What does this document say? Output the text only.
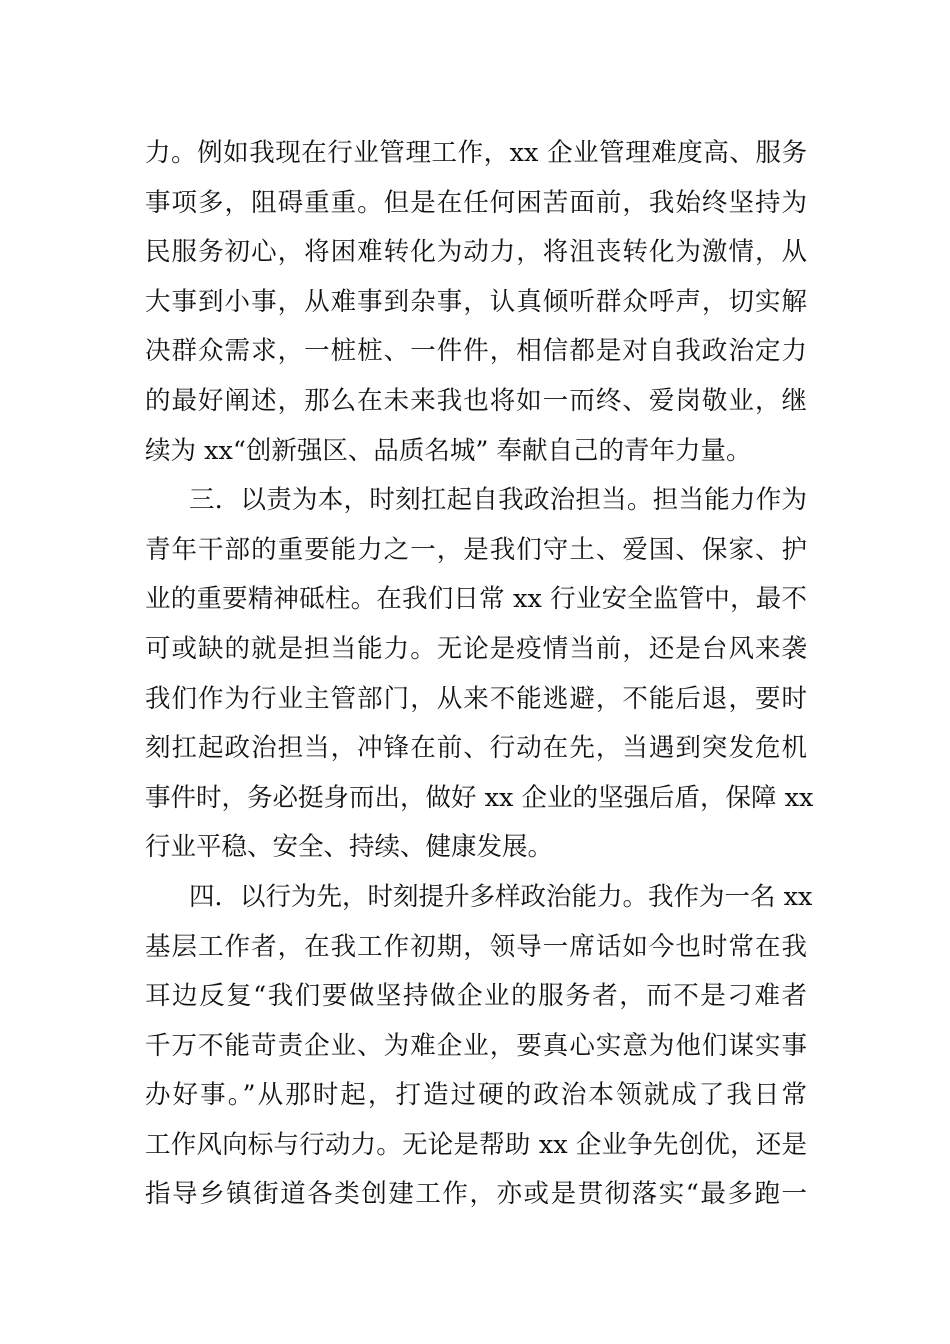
力。例如我现在行业管理工作，xx 企业管理难度高、服务
事项多，阻碍重重。但是在任何困苦面前，我始终坚持为
民服务初心，将困难转化为动力，将沮丧转化为激情，从
大事到小事，从难事到杂事，认真倾听群众呼声，切实解
决群众需求，一桩桩、一件件，相信都是对自我政治定力
的最好阐述，那么在未来我也将如一而终、爱岗敬业，继
续为 xx“创新强区、品质名城” 奉献自己的青年力量。
三．以责为本，时刻扛起自我政治担当。担当能力作为
青年干部的重要能力之一，是我们守土、爱国、保家、护
业的重要精神砥柱。在我们日常 xx 行业安全监管中，最不
可或缺的就是担当能力。无论是疫情当前，还是台风来袭
我们作为行业主管部门，从来不能逃避，不能后退，要时
刻扛起政治担当，冲锋在前、行动在先，当遇到突发危机
事件时，务必挺身而出，做好 xx 企业的坚强后盾，保障 xx
行业平稳、安全、持续、健康发展。
四．以行为先，时刻提升多样政治能力。我作为一名 xx
基层工作者，在我工作初期，领导一席话如今也时常在我
耳边反复“我们要做坚持做企业的服务者，而不是刁难者
千万不能苛责企业、为难企业，要真心实意为他们谋实事
办好事。”从那时起，打造过硬的政治本领就成了我日常
工作风向标与行动力。无论是帮助 xx 企业争先创优，还是
指导乡镇街道各类创建工作，亦或是贯彻落实“最多跑一
